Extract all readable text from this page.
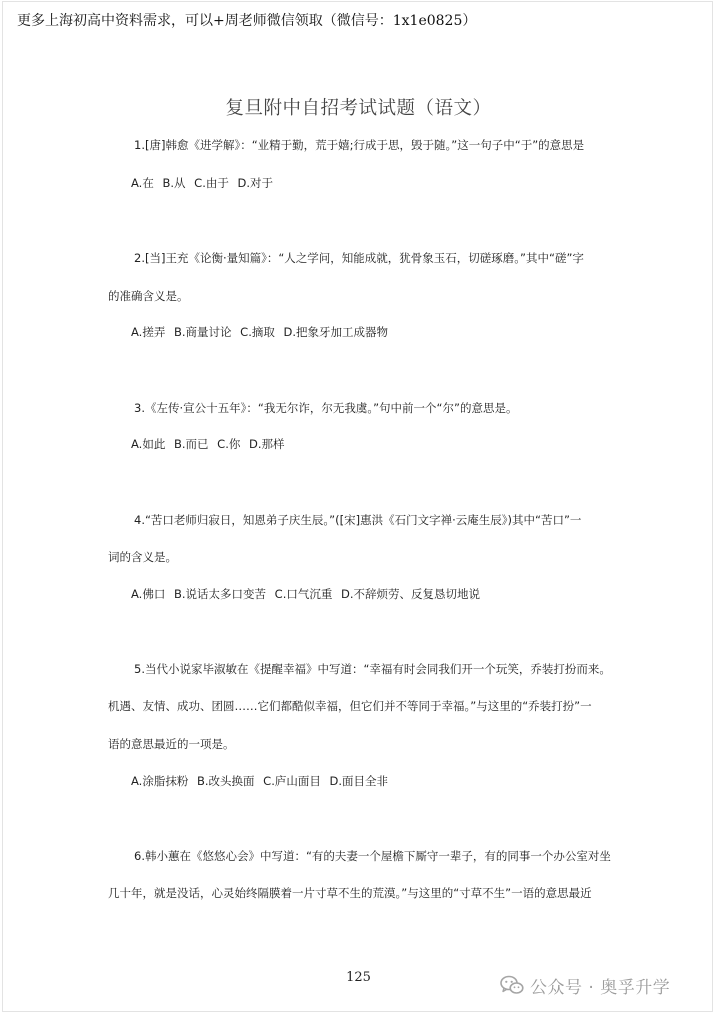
更多上海初高中资料需求，可以+周老师微信领取（微信号：1x1e0825）
复旦附中自招考试试题（语文）
1.[唐]韩愈《进学解》：“业精于勤，荒于嬉;行成于思，毁于随。”这一句子中“于”的意思是
A.在 B.从 C.由于 D.对于
2.[当]王充《论衡·量知篇》：“人之学问，知能成就，犹骨象玉石，切磋琢磨。”其中“磋”字
的准确含义是。
A.搓弄 B.商量讨论 C.摘取 D.把象牙加工成器物
3.《左传·宣公十五年》：“我无尔诈，尔无我虞。”句中前一个“尔”的意思是。
A.如此 B.而已 C.你 D.那样
4.“苦口老师归寂日，知恩弟子庆生辰。”([宋]惠洪《石门文字禅·云庵生辰》)其中“苦口”一
词的含义是。
A.佛口 B.说话太多口变苦 C.口气沉重 D.不辞烦劳、反复恳切地说
5.当代小说家毕淑敏在《提醒幸福》中写道：“幸福有时会同我们开一个玩笑，乔装打扮而来。
机遇、友情、成功、团圆……它们都酷似幸福，但它们并不等同于幸福。”与这里的“乔装打扮”一
语的意思最近的一项是。
A.涂脂抹粉 B.改头换面 C.庐山面目 D.面目全非
6.韩小蕙在《悠悠心会》中写道：“有的夫妻一个屋檐下厮守一辈子，有的同事一个办公室对坐
几十年，就是没话，心灵始终隔膜着一片寸草不生的荒漠。”与这里的“寸草不生”一语的意思最近
125	公众号 · 奥孚升学
